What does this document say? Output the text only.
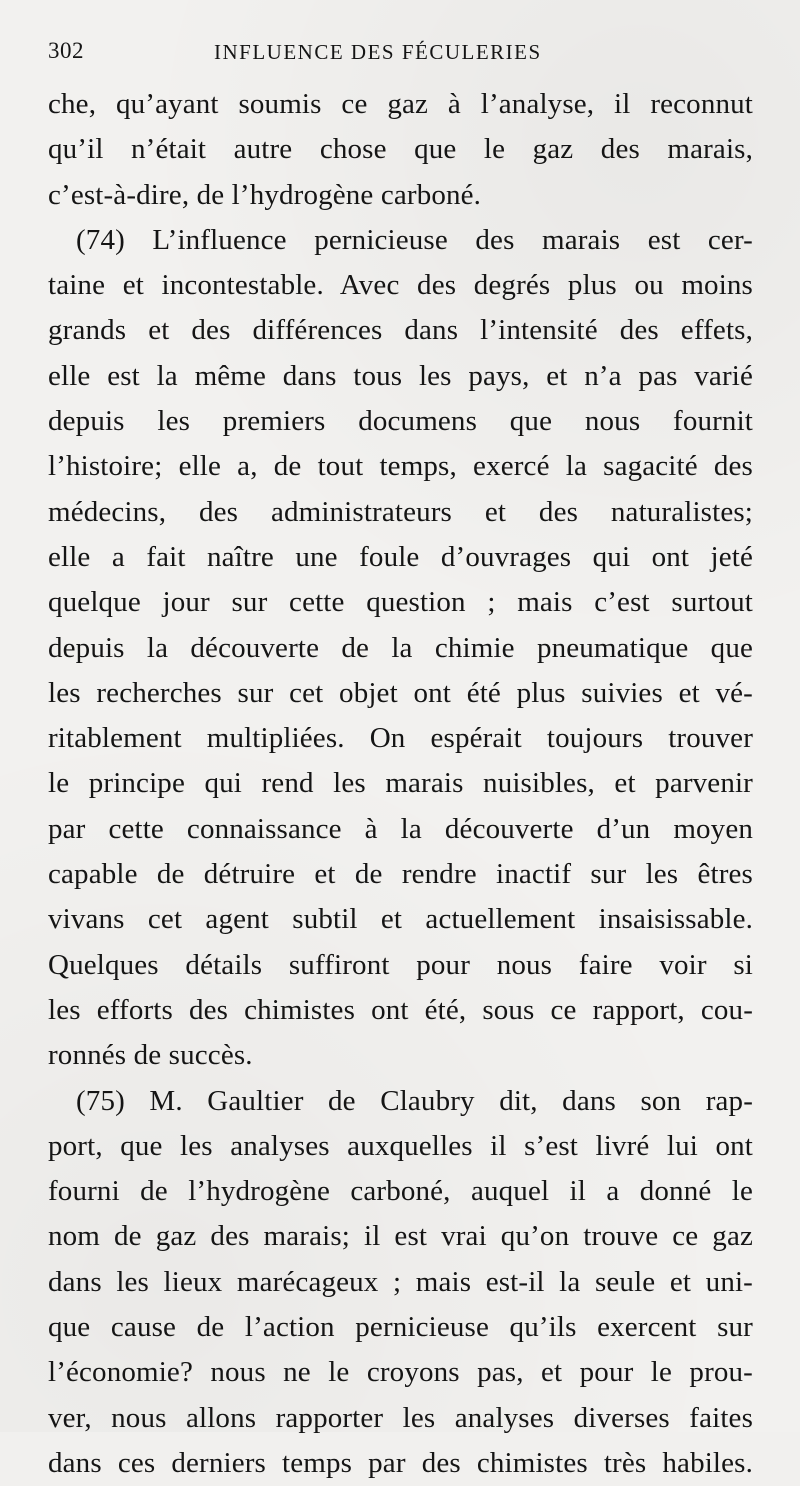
302	INFLUENCE DES FÉCULERIES
che, qu’ayant soumis ce gaz à l’analyse, il reconnut
qu’il n’était autre chose que le gaz des marais,
c’est-à-dire, de l’hydrogène carboné.
(74) L’influence pernicieuse des marais est cer-
taine et incontestable. Avec des degrés plus ou moins
grands et des différences dans l’intensité des effets,
elle est la même dans tous les pays, et n’a pas varié
depuis les premiers documens que nous fournit
l’histoire; elle a, de tout temps, exercé la sagacité des
médecins, des administrateurs et des naturalistes;
elle a fait naître une foule d’ouvrages qui ont jeté
quelque jour sur cette question ; mais c’est surtout
depuis la découverte de la chimie pneumatique que
les recherches sur cet objet ont été plus suivies et vé-
ritablement multipliées. On espérait toujours trouver
le principe qui rend les marais nuisibles, et parvenir
par cette connaissance à la découverte d’un moyen
capable de détruire et de rendre inactif sur les êtres
vivans cet agent subtil et actuellement insaisissable.
Quelques détails suffiront pour nous faire voir si
les efforts des chimistes ont été, sous ce rapport, cou-
ronnés de succès.
(75) M. Gaultier de Claubry dit, dans son rap-
port, que les analyses auxquelles il s’est livré lui ont
fourni de l’hydrogène carboné, auquel il a donné le
nom de gaz des marais; il est vrai qu’on trouve ce gaz
dans les lieux marécageux ; mais est-il la seule et uni-
que cause de l’action pernicieuse qu’ils exercent sur
l’économie? nous ne le croyons pas, et pour le prou-
ver, nous allons rapporter les analyses diverses faites
dans ces derniers temps par des chimistes très habiles.
